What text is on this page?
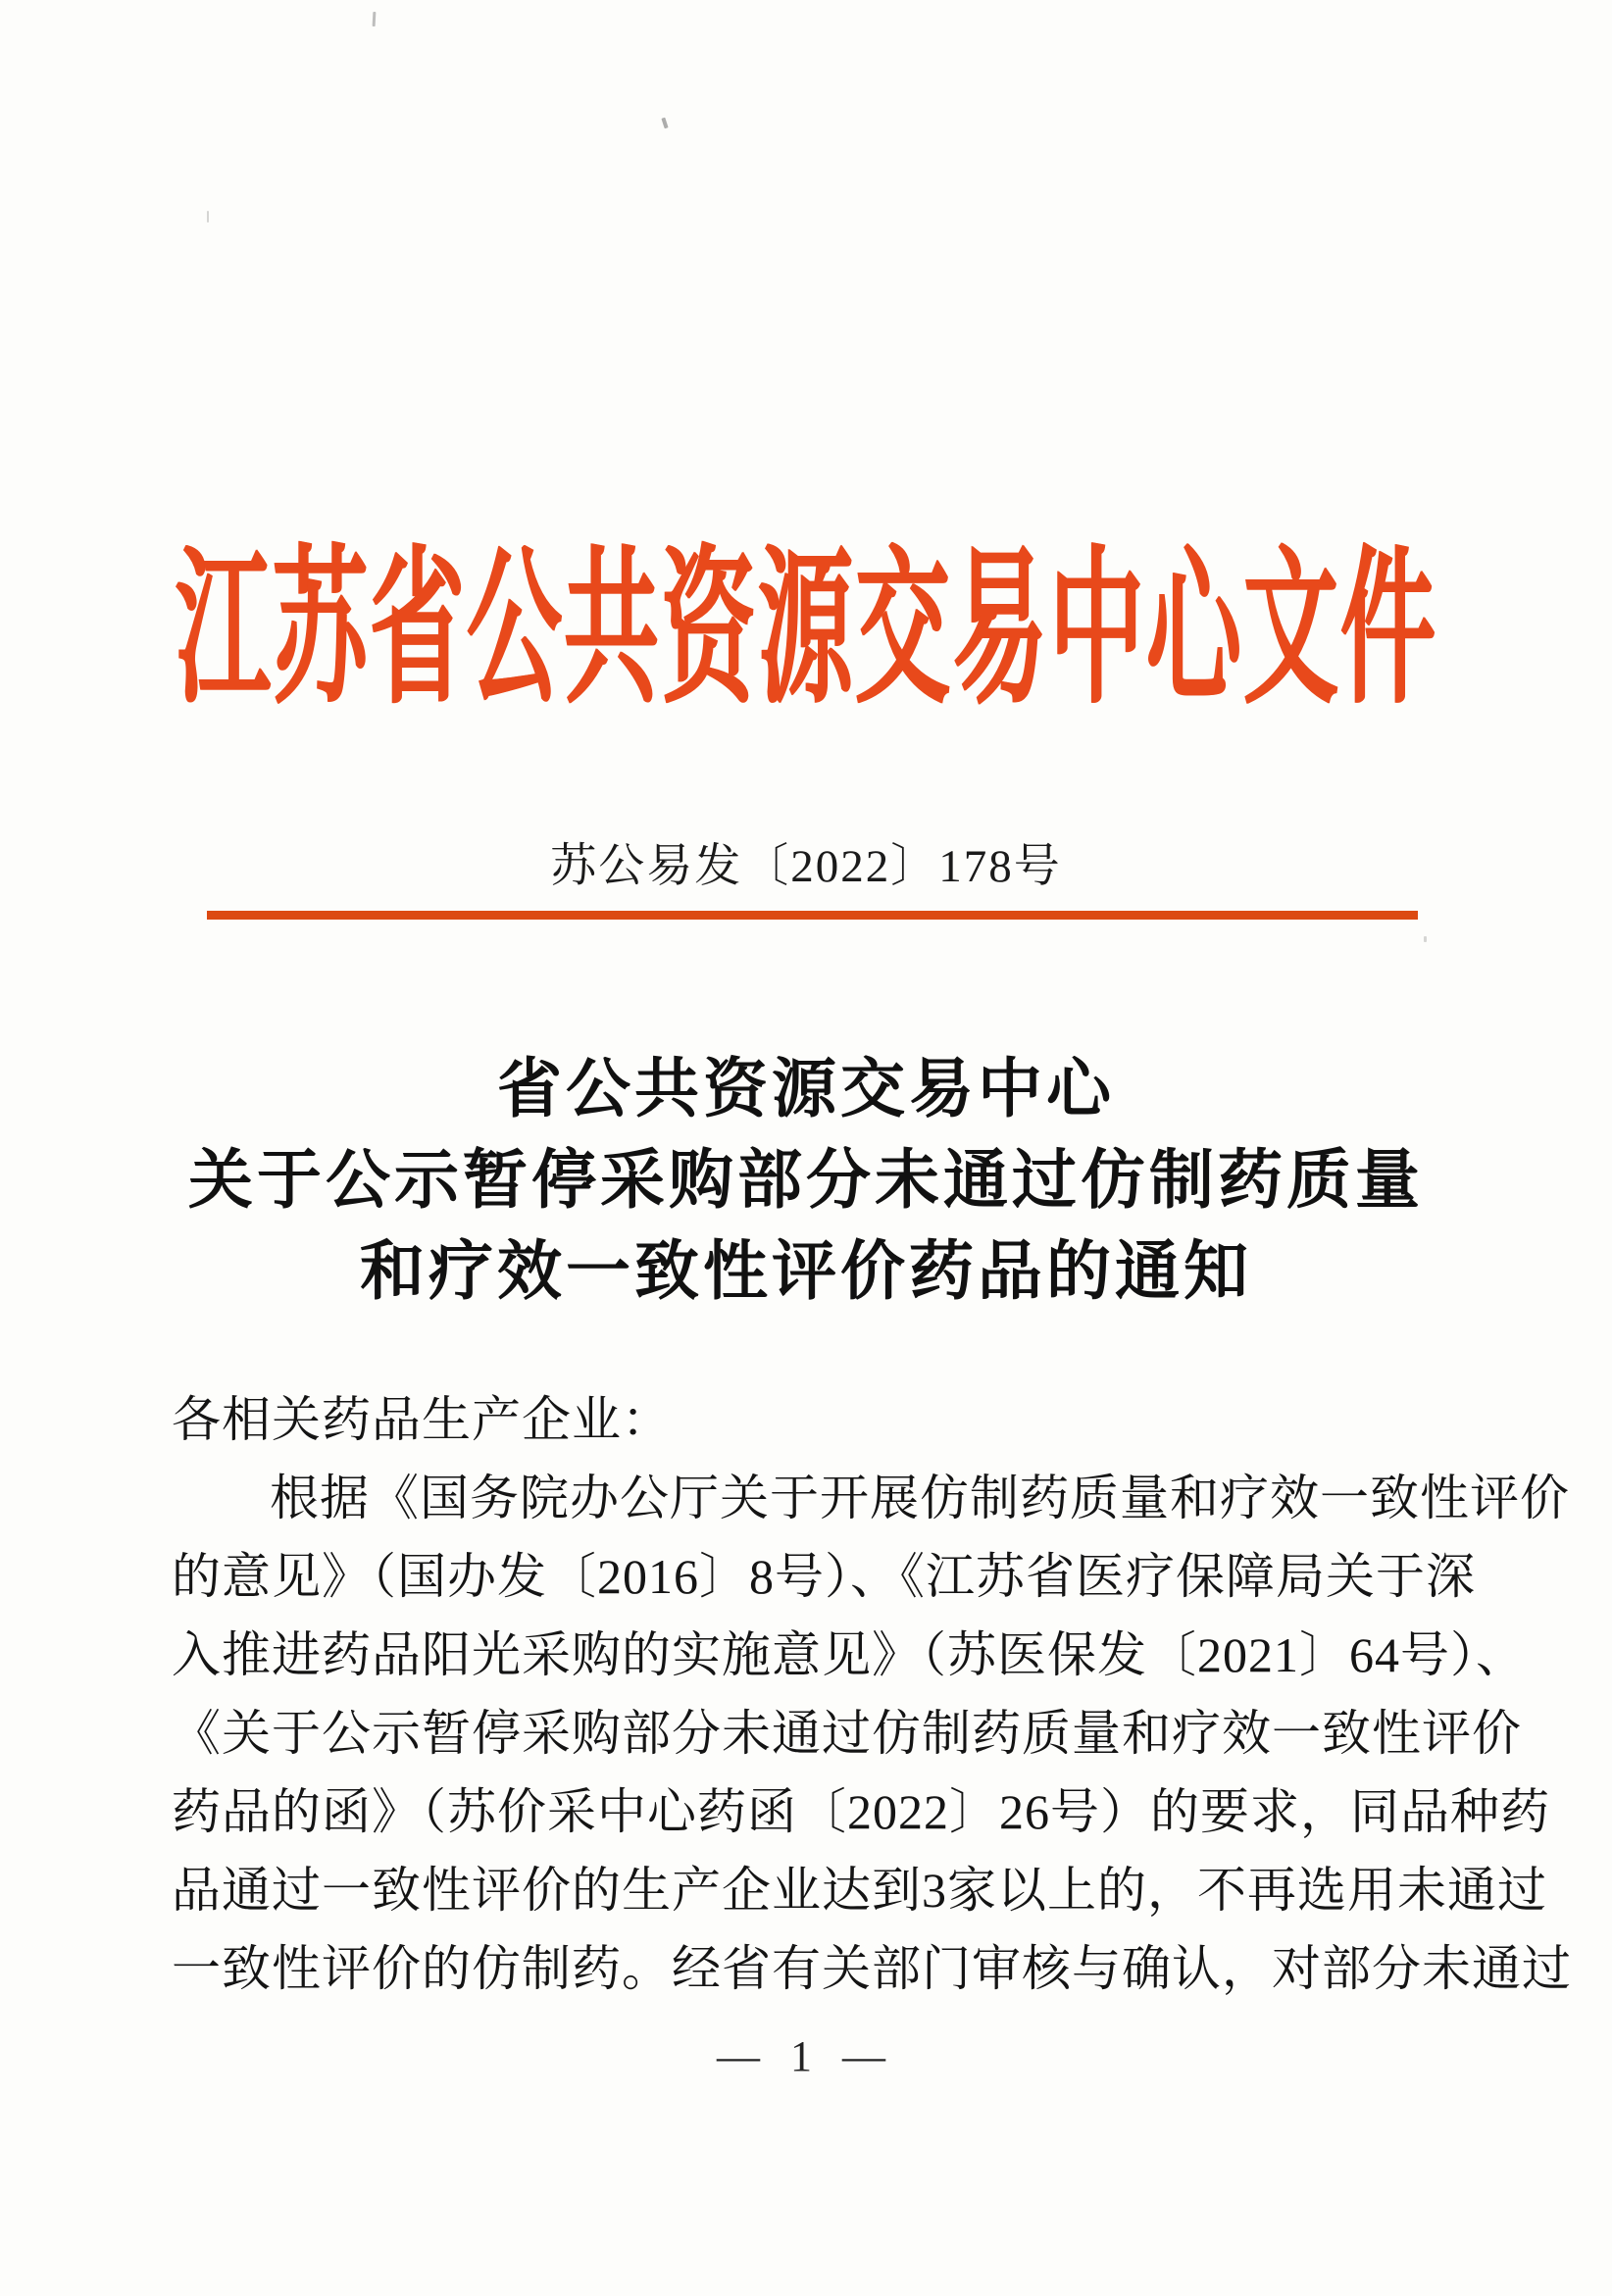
江苏省公共资源交易中心文件
苏公易发〔2022〕178号
省公共资源交易中心
关于公示暂停采购部分未通过仿制药质量
和疗效一致性评价药品的通知
各相关药品生产企业：
根据《国务院办公厅关于开展仿制药质量和疗效一致性评价
的意见》（国办发〔2016〕8号）、《江苏省医疗保障局关于深
入推进药品阳光采购的实施意见》（苏医保发〔2021〕64号）、
《关于公示暂停采购部分未通过仿制药质量和疗效一致性评价
药品的函》（苏价采中心药函〔2022〕26号）的要求，同品种药
品通过一致性评价的生产企业达到3家以上的，不再选用未通过
一致性评价的仿制药。经省有关部门审核与确认，对部分未通过
— 1 —
